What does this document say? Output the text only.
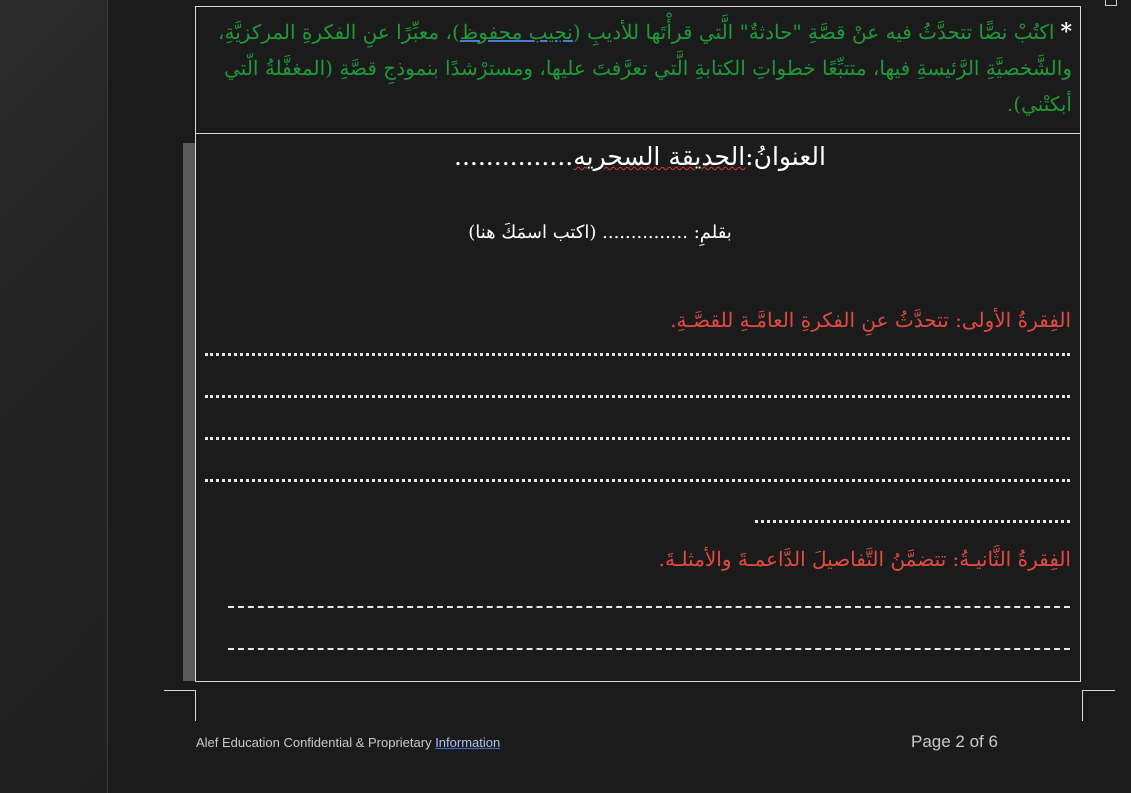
*اكتُبْ نصًّا تتحدَّثُ فيه عنْ قصَّةِ "حادثةٌ" الَّتي قرأْتَها للأديبِ (نجيب محفوظ)، معبِّرًا عنِ الفكرةِ المركزيَّةِ، والشَّخصيَّةِ الرَّئيسةِ فيها، متتبِّعًا خطواتِ الكتابةِ الَّتي تعرَّفتَ عليها، ومسترْشدًا بنموذجِ قصَّةِ (المغفَّلةُ الّتي أبكتْني).
العنوانُ:الحديقة السحريه...............
بقلمِ: ............... (اكتب اسمَكَ هنا)
الفِقرةُ الأولى: تتحدَّثُ عنِ الفكرةِ العامَّـةِ للقصَّـةِ.
الفِقرةُ الثَّانيـةُ: تتضمَّنُ التَّفاصيلَ الدَّاعمـةَ والأمثلـةَ.
Alef Education Confidential & Proprietary Information	Page 2 of 6
